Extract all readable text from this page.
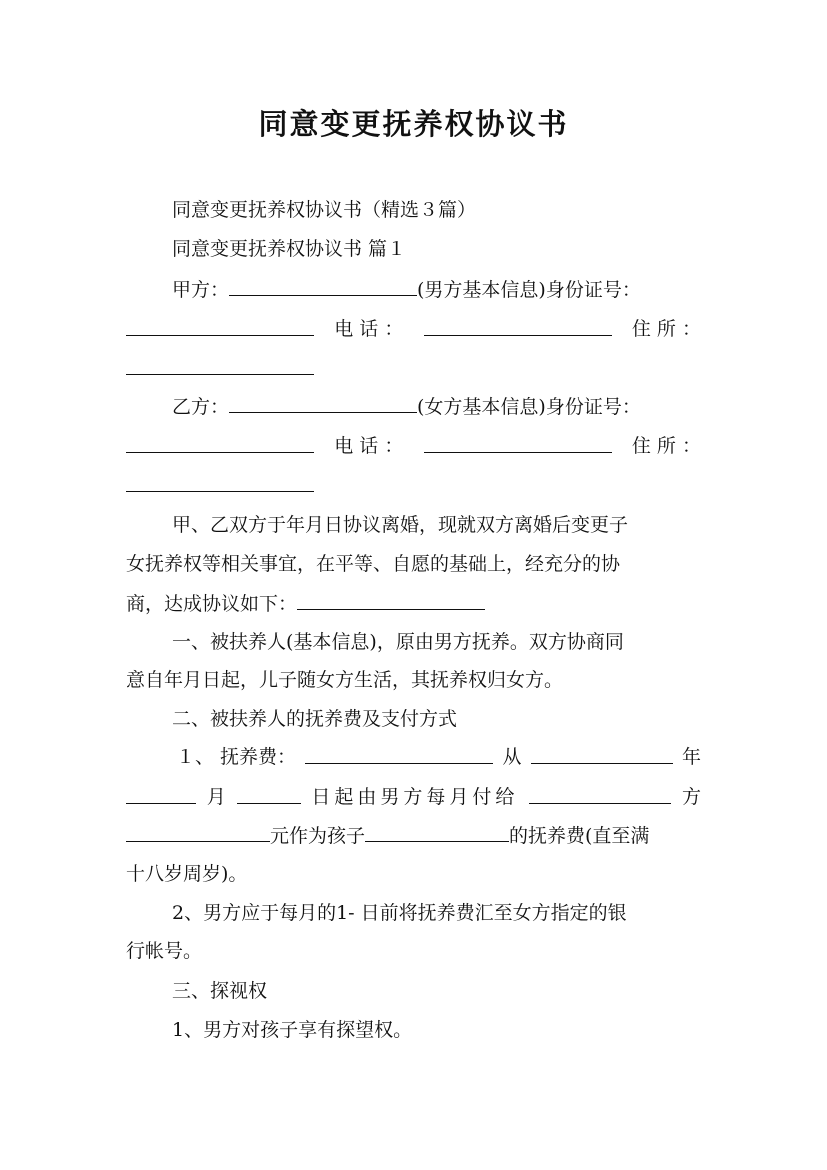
同意变更抚养权协议书
同意变更抚养权协议书（精选３篇）
同意变更抚养权协议书 篇１
甲方：	(男方基本信息)身份证号：
电 话 ：	住 所 ：
乙方：	(女方基本信息)身份证号：
电 话 ：	住 所 ：
甲、乙双方于年月日协议离婚，现就双方离婚后变更子
女抚养权等相关事宜，在平等、自愿的基础上，经充分的协
商，达成协议如下：
一、被扶养人(基本信息)，原由男方抚养。双方协商同
意自年月日起，儿子随女方生活，其抚养权归女方。
二、被扶养人的抚养费及支付方式
１、 抚养费：	从	年
月	日起由男方每月付给	方
元作为孩子	的抚养费(直至满
十八岁周岁)。
2、男方应于每月的1- 日前将抚养费汇至女方指定的银
行帐号。
三、探视权
1、男方对孩子享有探望权。
